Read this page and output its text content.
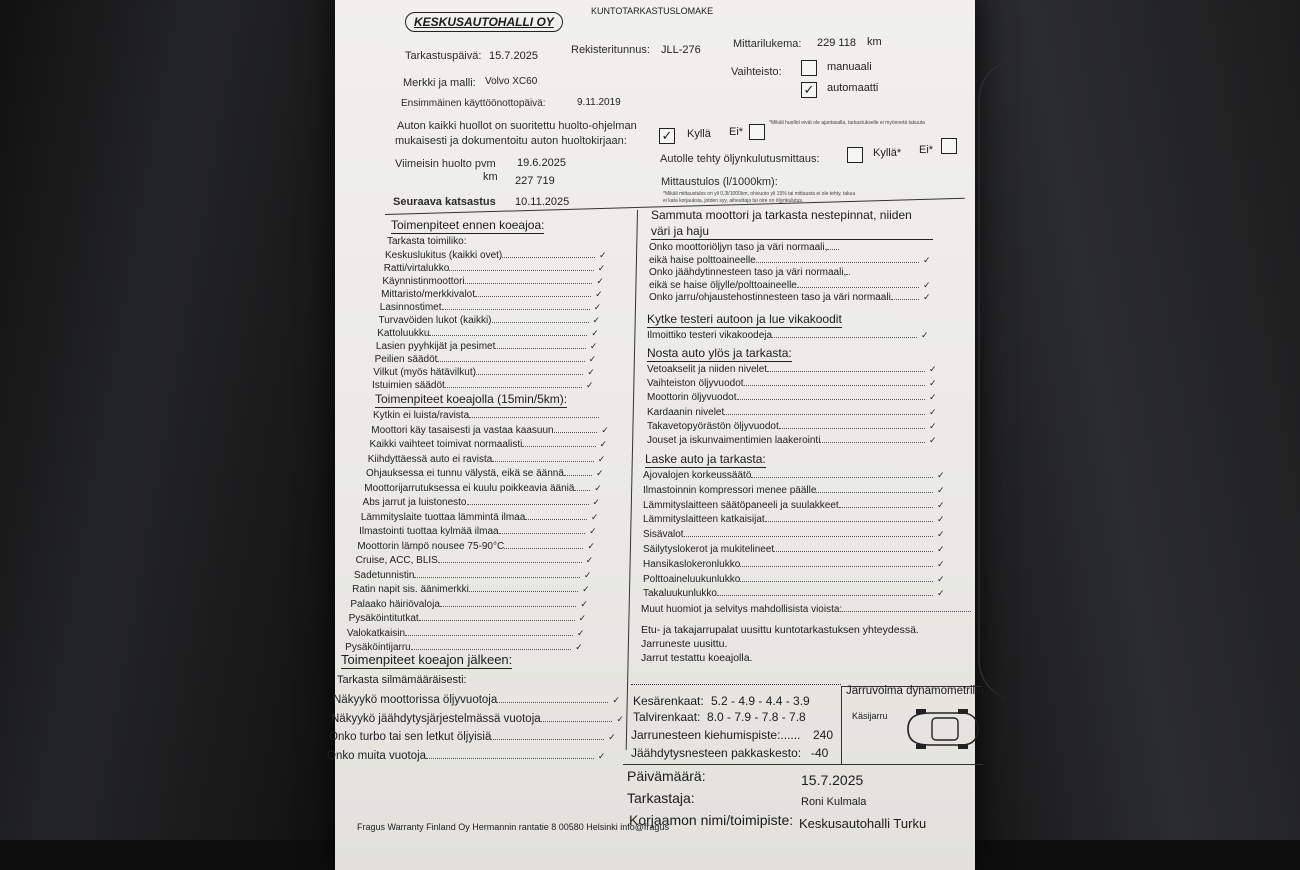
KESKUSAUTOHALLI OY
KUNTOTARKASTUSLOMAKE
Tarkastuspäivä: 15.7.2025	Rekisteritunnus: JLL-276	Mittarilukema: 229 118 km
Merkki ja malli: Volvo XC60
Vaihteisto:	manuaali
✓ automaatti
Ensimmäinen käyttöönottopäivä:	9.11.2019
Auton kaikki huollot on suoritettu huolto-ohjelman
mukaisesti ja dokumentoitu auton huoltokirjaan:	✓ Kyllä Ei*
*Mikäli huollot eivät ole ajantasalla, tarkastukselle ei myönnetä takuuta
Viimeisin huolto pvm 19.6.2025
km 227 719
Autolle tehty öljynkulutusmittaus:	Kyllä* Ei*
Mittaustulos (l/1000km):
*Mikäli mittaustulos on yli 0,3l/1000km, ohivuoto yli 15% tai mittausta ei ole tehty, takuu
ei kata korjauksia, jotden syy, aiheuttaja tai oire on öljynkulutus.
Seuraava katsastus 10.11.2025
Toimenpiteet ennen koeajoa:
Tarkasta toimiliko:
Keskuslukitus (kaikki ovet)	✓
Ratti/virtalukko	✓
Käynnistinmoottori	✓
Mittaristo/merkkivalot	✓
Lasinnostimet	✓
Turvavöiden lukot (kaikki)	✓
Kattoluukku	✓
Lasien pyyhkijät ja pesimet	✓
Peilien säädöt	✓
Vilkut (myös hätävilkut)	✓
Istuimien säädöt	✓
Toimenpiteet koeajolla (15min/5km):
Kytkin ei luista/ravista
Moottori käy tasaisesti ja vastaa kaasuun	✓
Kaikki vaihteet toimivat normaalisti	✓
Kiihdyttäessä auto ei ravista	✓
Ohjauksessa ei tunnu välystä, eikä se äännä	✓
Moottorijarrutuksessa ei kuulu poikkeavia ääniä ✓
Abs jarrut ja luistonesto	✓
Lämmityslaite tuottaa lämmintä ilmaa	✓
Ilmastointi tuottaa kylmää ilmaa	✓
Moottorin lämpö nousee 75-90°C	✓
Cruise, ACC, BLIS	✓
Sadetunnistin	✓
Ratin napit sis. äänimerkki	✓
Palaako häiriövaloja	✓
Pysäköintitutkat	✓
Valokatkaisin	✓
Pysäköintijarru	✓
Toimenpiteet koeajon jälkeen:
Tarkasta silmämääräisesti:
Näkyykö moottorissa öljyvuotoja	✓
Näkyykö jäähdytysjärjestelmässä vuotoja	✓
Onko turbo tai sen letkut öljyisiä	✓
Onko muita vuotoja	✓
Sammuta moottori ja tarkasta nestepinnat, niiden
väri ja haju
Onko moottoriöljyn taso ja väri normaali,
eikä haise polttoaineelle	✓
Onko jäähdytinnesteen taso ja väri normaali,
eikä se haise öljylle/polttoaineelle	✓
Onko jarru/ohjaustehostinnesteen taso ja väri normaali	✓
Kytke testeri autoon ja lue vikakoodit
Ilmoittiko testeri vikakoodeja	✓
Nosta auto ylös ja tarkasta:
Vetoakselit ja niiden nivelet	✓
Vaihteiston öljyvuodot	✓
Moottorin öljyvuodot	✓
Kardaanin nivelet	✓
Takavetopyörästön öljyvuodot	✓
Jouset ja iskunvaimentimien laakerointi	✓
Laske auto ja tarkasta:
Ajovalojen korkeussäätö	✓
Ilmastoinnin kompressori menee päälle	✓
Lämmityslaitteen säätöpaneeli ja suulakkeet	✓
Lämmityslaitteen katkaisijat	✓
Sisävalot	✓
Säilytyslokerot ja mukitelineet	✓
Hansikaslokeronlukko	✓
Polttoaineluukunlukko	✓
Takaluukunlukko	✓
Muut huomiot ja selvitys mahdollisista vioista:
Etu- ja takajarrupalat uusittu kuntotarkastuksen yhteydessä.
Jarruneste uusittu.
Jarrut testattu koeajolla.
Kesärenkaat: 5.2 - 4.9 - 4.4 - 3.9
Talvirenkaat: 8.0 - 7.9 - 7.8 - 7.8
Jarrunesteen kiehumispiste:...... 240
Jäähdytysnesteen pakkaskesto: -40
Jarruvoima dynamometrillä
Käsijarru
Päivämäärä:	15.7.2025
Tarkastaja:	Roni Kulmala
Korjaamon nimi/toimipiste: Keskusautohalli Turku
Fragus Warranty Finland Oy Hermannin rantatie 8 00580 Helsinki info@fragus
